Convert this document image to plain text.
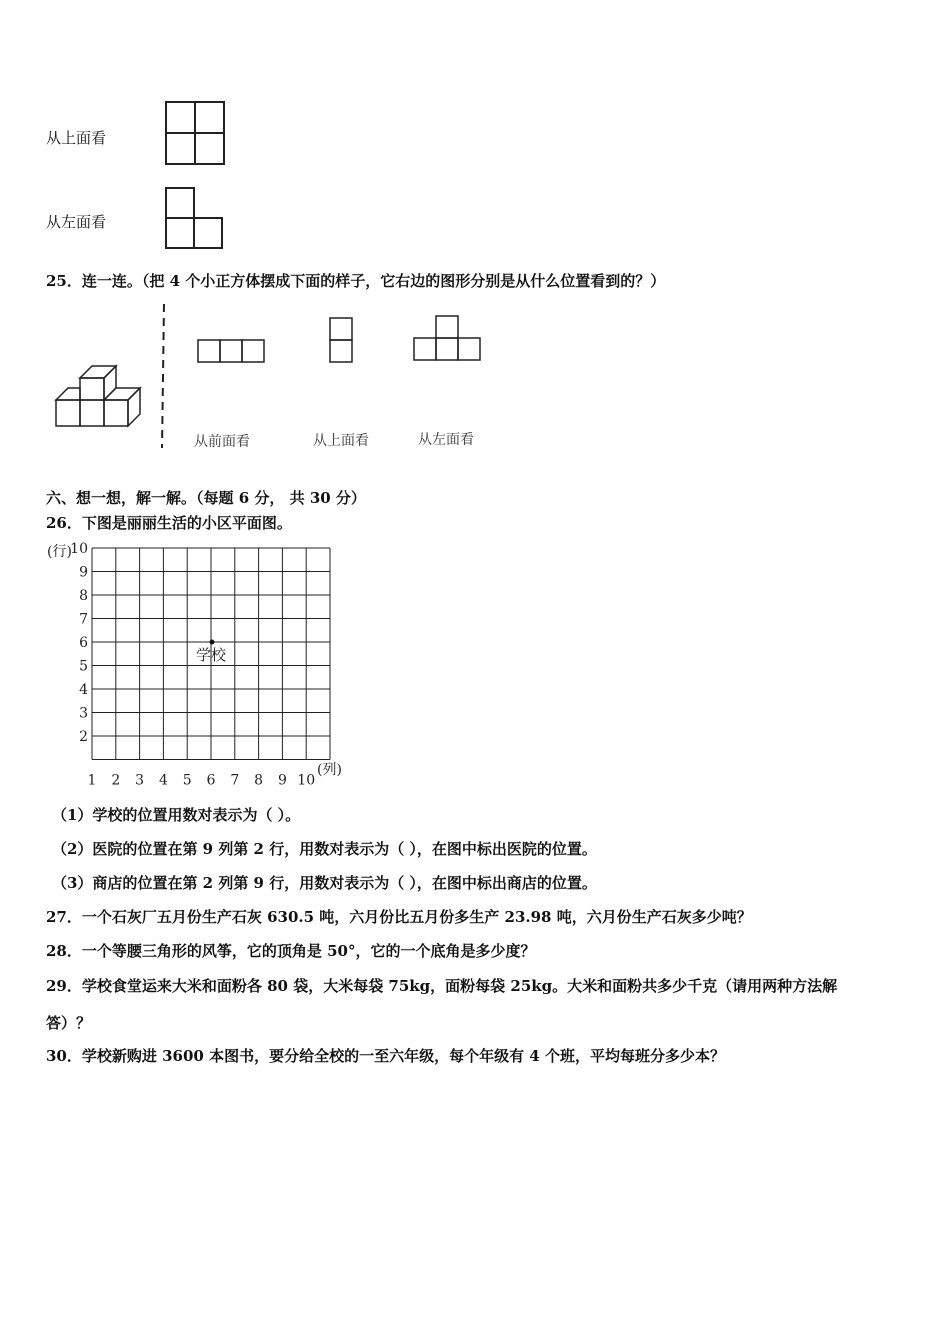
从上面看
从左面看
25．连一连。（把 4 个小正方体摆成下面的样子，它右边的图形分别是从什么位置看到的？）
从前面看	从上面看	从左面看
六、想一想，解一解。（每题 6 分， 共 30 分）
26．下图是丽丽生活的小区平面图。
(行)
10
9
8
7
6
5
4
3
2
1 2 3 4 5 6 7 8 9 10
(列)
学校
（1）学校的位置用数对表示为（ ）。
（2）医院的位置在第 9 列第 2 行，用数对表示为（ ），在图中标出医院的位置。
（3）商店的位置在第 2 列第 9 行，用数对表示为（ ），在图中标出商店的位置。
27．一个石灰厂五月份生产石灰 630.5 吨，六月份比五月份多生产 23.98 吨，六月份生产石灰多少吨？
28．一个等腰三角形的风筝，它的顶角是 50°，它的一个底角是多少度？
29．学校食堂运来大米和面粉各 80 袋，大米每袋 75kg，面粉每袋 25kg。大米和面粉共多少千克（请用两种方法解
答）？
30．学校新购进 3600 本图书，要分给全校的一至六年级，每个年级有 4 个班，平均每班分多少本？
